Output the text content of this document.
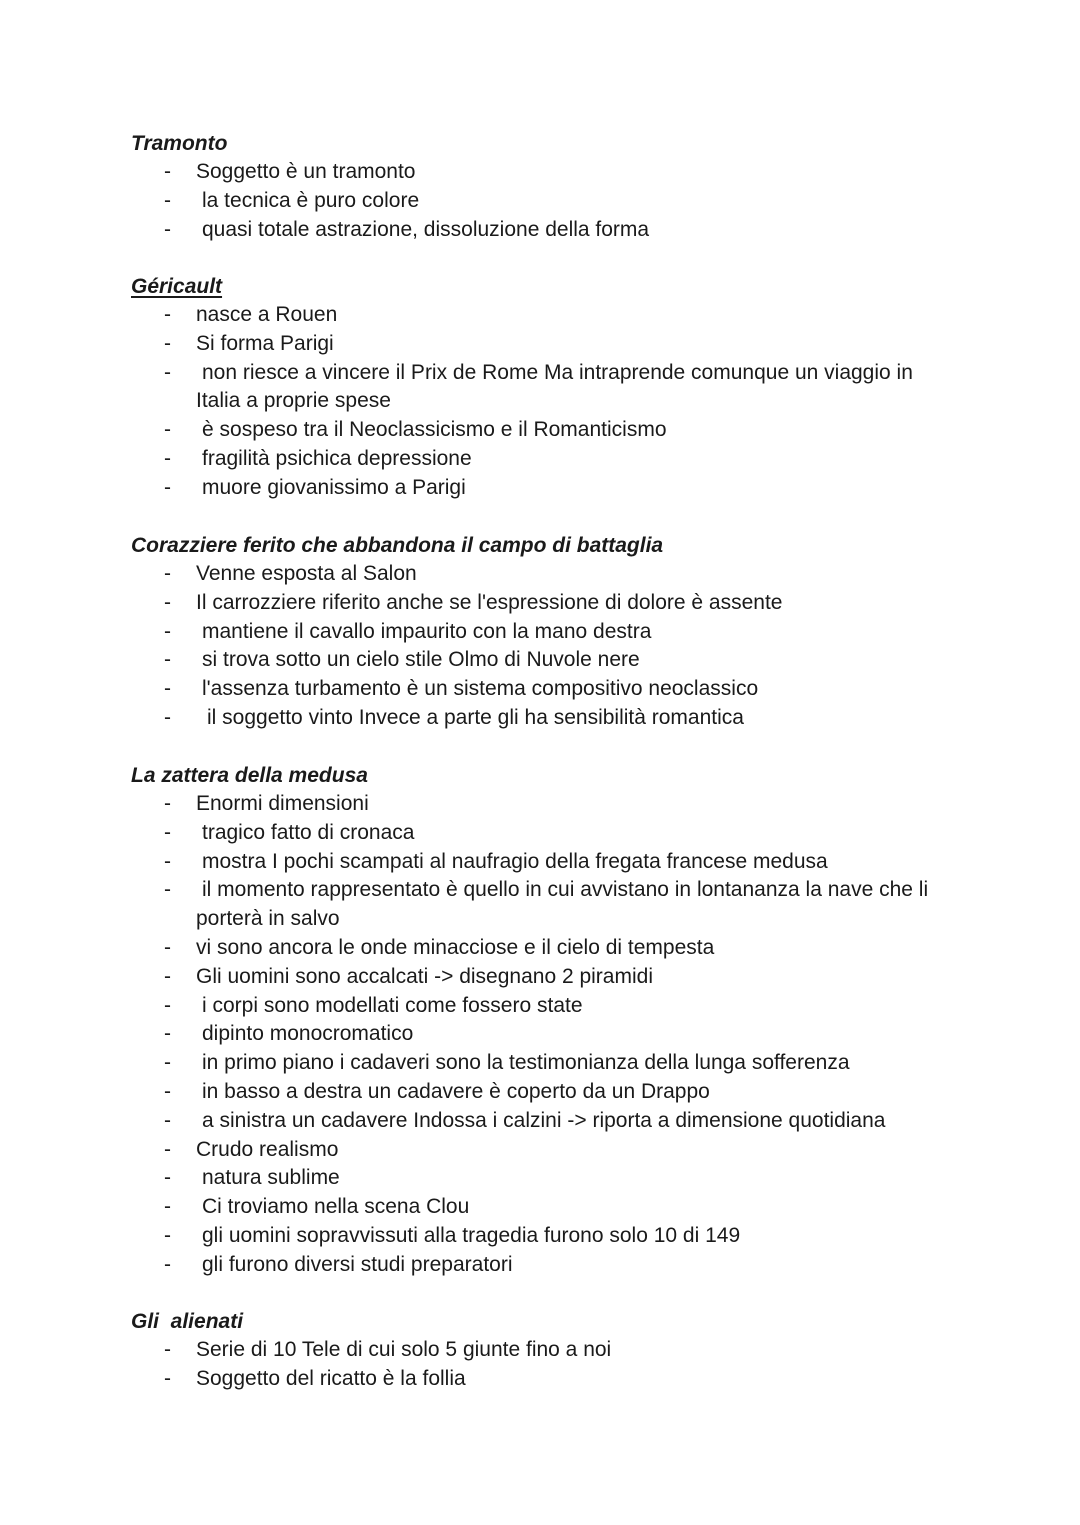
Tramonto
- Soggetto è un tramonto
- la tecnica è puro colore
- quasi totale astrazione, dissoluzione della forma
Géricault
- nasce a Rouen
- Si forma Parigi
- non riesce a vincere il Prix de Rome Ma intraprende comunque un viaggio in Italia a proprie spese
- è sospeso tra il Neoclassicismo e il Romanticismo
- fragilità psichica depressione
- muore giovanissimo a Parigi
Corazziere ferito che abbandona il campo di battaglia
- Venne esposta al Salon
- Il carrozziere riferito anche se l'espressione di dolore è assente
- mantiene il cavallo impaurito con la mano destra
- si trova sotto un cielo stile Olmo di Nuvole nere
- l'assenza turbamento è un sistema compositivo neoclassico
- il soggetto vinto Invece a parte gli ha sensibilità romantica
La zattera della medusa
- Enormi dimensioni
- tragico fatto di cronaca
- mostra I pochi scampati al naufragio della fregata francese medusa
- il momento rappresentato è quello in cui avvistano in lontananza la nave che li porterà in salvo
- vi sono ancora le onde minacciose e il cielo di tempesta
- Gli uomini sono accalcati -> disegnano 2 piramidi
- i corpi sono modellati come fossero state
- dipinto monocromatico
- in primo piano i cadaveri sono la testimonianza della lunga sofferenza
- in basso a destra un cadavere è coperto da un Drappo
- a sinistra un cadavere Indossa i calzini -> riporta a dimensione quotidiana
- Crudo realismo
- natura sublime
- Ci troviamo nella scena Clou
- gli uomini sopravvissuti alla tragedia furono solo 10 di 149
- gli furono diversi studi preparatori
Gli  alienati
- Serie di 10 Tele di cui solo 5 giunte fino a noi
- Soggetto del ricatto è la follia
